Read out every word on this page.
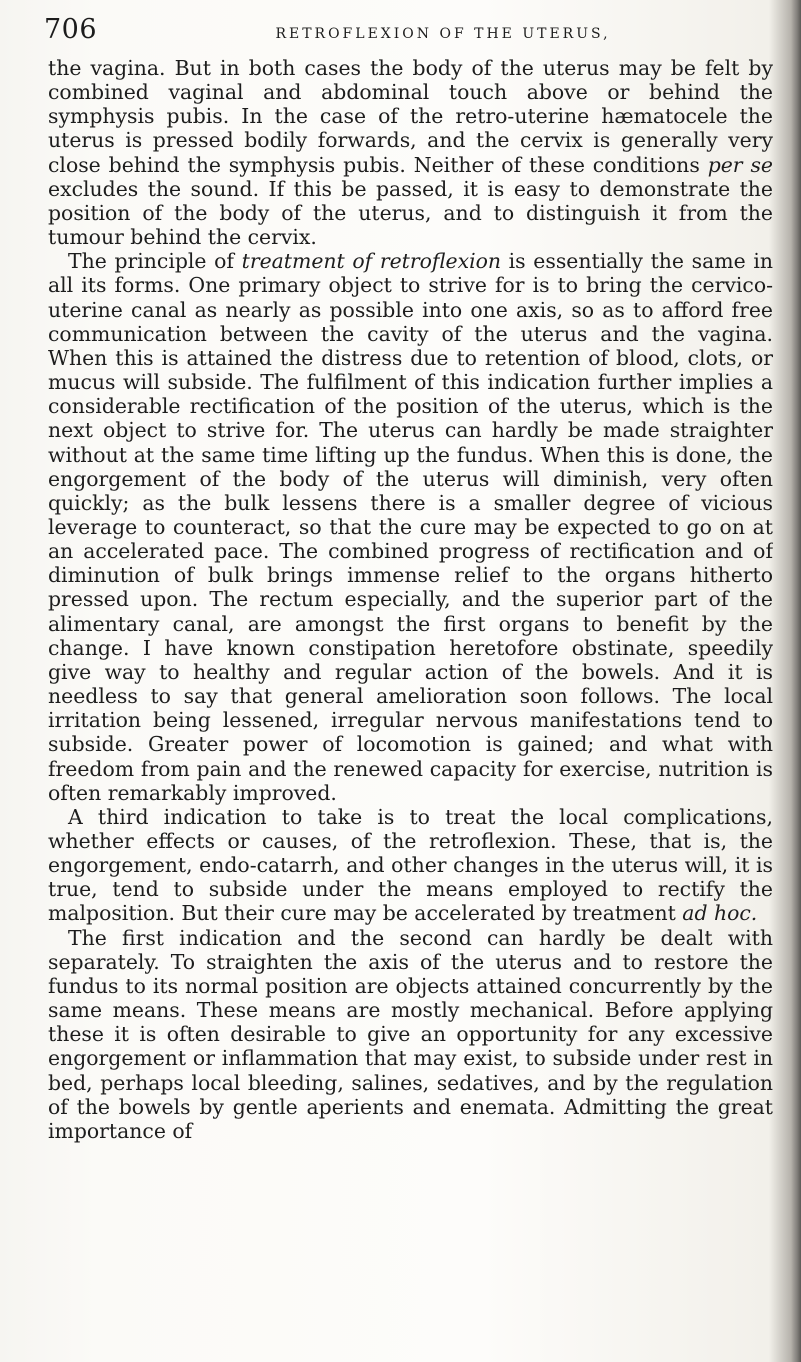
706	RETROFLEXION OF THE UTERUS,

the vagina. But in both cases the body of the uterus may be felt by combined vaginal and abdominal touch above or behind the symphysis pubis. In the case of the retro-uterine hæmatocele the uterus is pressed bodily forwards, and the cervix is generally very close behind the symphysis pubis. Neither of these conditions per se excludes the sound. If this be passed, it is easy to demonstrate the position of the body of the uterus, and to distinguish it from the tumour behind the cervix.

The principle of treatment of retroflexion is essentially the same in all its forms. One primary object to strive for is to bring the cervico-uterine canal as nearly as possible into one axis, so as to afford free communication between the cavity of the uterus and the vagina. When this is attained the distress due to retention of blood, clots, or mucus will subside. The fulfilment of this indication further implies a considerable rectification of the position of the uterus, which is the next object to strive for. The uterus can hardly be made straighter without at the same time lifting up the fundus. When this is done, the engorgement of the body of the uterus will diminish, very often quickly; as the bulk lessens there is a smaller degree of vicious leverage to counteract, so that the cure may be expected to go on at an accelerated pace. The combined progress of rectification and of diminution of bulk brings immense relief to the organs hitherto pressed upon. The rectum especially, and the superior part of the alimentary canal, are amongst the first organs to benefit by the change. I have known constipation heretofore obstinate, speedily give way to healthy and regular action of the bowels. And it is needless to say that general amelioration soon follows. The local irritation being lessened, irregular nervous manifestations tend to subside. Greater power of locomotion is gained; and what with freedom from pain and the renewed capacity for exercise, nutrition is often remarkably improved.

A third indication to take is to treat the local complications, whether effects or causes, of the retroflexion. These, that is, the engorgement, endo-catarrh, and other changes in the uterus will, it is true, tend to subside under the means employed to rectify the malposition. But their cure may be accelerated by treatment ad hoc.

The first indication and the second can hardly be dealt with separately. To straighten the axis of the uterus and to restore the fundus to its normal position are objects attained concurrently by the same means. These means are mostly mechanical. Before applying these it is often desirable to give an opportunity for any excessive engorgement or inflammation that may exist, to subside under rest in bed, perhaps local bleeding, salines, sedatives, and by the regulation of the bowels by gentle aperients and enemata. Admitting the great importance of
